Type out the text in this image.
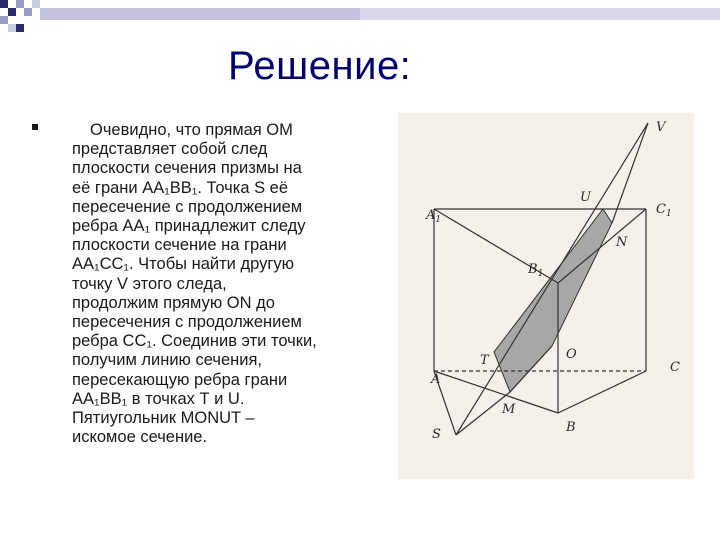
Решение:
Очевидно, что прямая ОМ
представляет собой след
плоскости сечения призмы на
её грани АА₁ВВ₁. Точка S её
пересечение с продолжением
ребра АА₁ принадлежит следу
плоскости сечение на грани
АА₁СС₁. Чтобы найти другую
точку V этого следа,
продолжим прямую ON до
пересечения с продолжением
ребра СС₁. Соединив эти точки,
получим линию сечения,
пересекающую ребра грани
АА₁ВВ₁ в точках Т и U.
Пятиугольник MONUT –
искомое сечение.
V
U
$A_1$
$C_1$
N
$B_1$
T	O
A
C
M
S	B
